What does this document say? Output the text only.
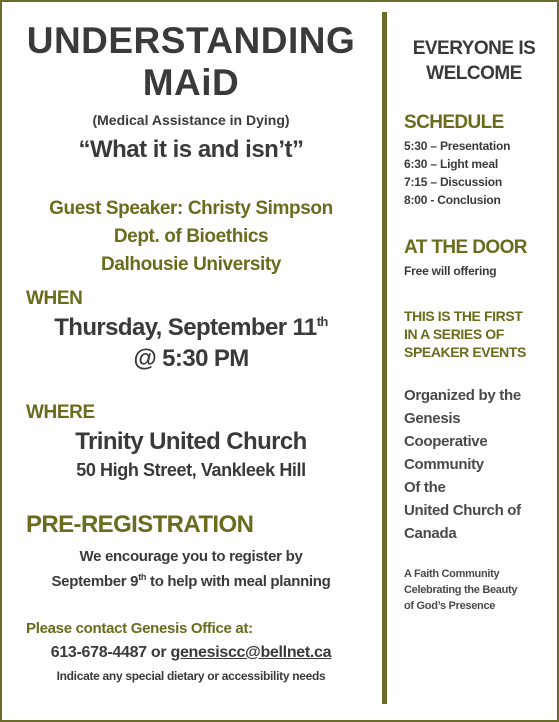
UNDERSTANDING
MAiD
(Medical Assistance in Dying)
“What it is and isn’t”
Guest Speaker: Christy Simpson
Dept. of Bioethics
Dalhousie University
WHEN
Thursday, September 11th
@ 5:30 PM
WHERE
Trinity United Church
50 High Street, Vankleek Hill
PRE-REGISTRATION
We encourage you to register by
September 9th to help with meal planning
Please contact Genesis Office at:
613-678-4487 or genesiscc@bellnet.ca
Indicate any special dietary or accessibility needs
EVERYONE IS
WELCOME
SCHEDULE
5:30 – Presentation
6:30 – Light meal
7:15 – Discussion
8:00 - Conclusion
AT THE DOOR
Free will offering
THIS IS THE FIRST
IN A SERIES OF
SPEAKER EVENTS
Organized by the
Genesis
Cooperative
Community
Of the
United Church of
Canada
A Faith Community
Celebrating the Beauty
of God’s Presence
